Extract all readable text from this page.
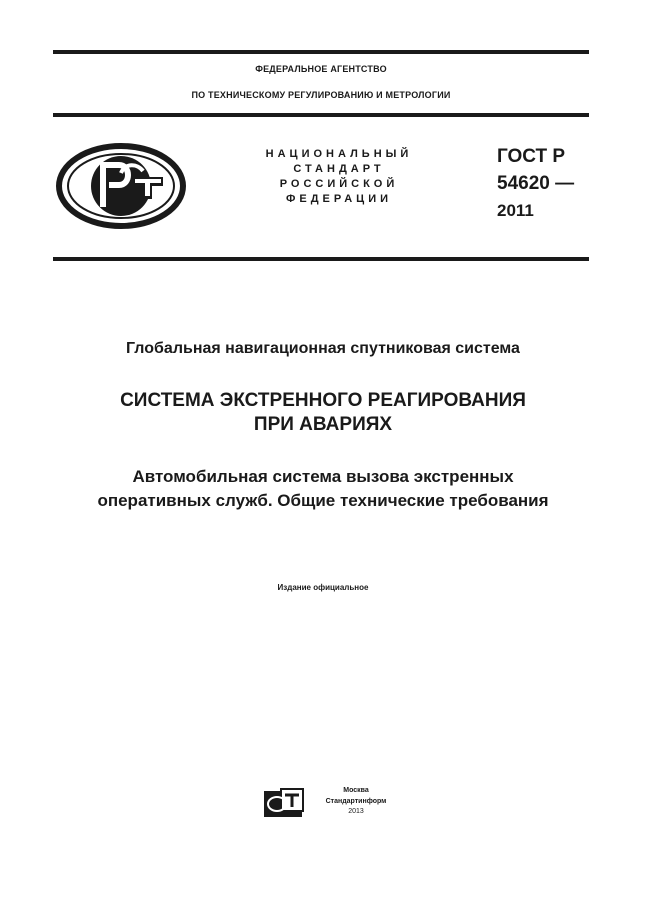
ФЕДЕРАЛЬНОЕ АГЕНТСТВО
ПО ТЕХНИЧЕСКОМУ РЕГУЛИРОВАНИЮ И МЕТРОЛОГИИ
НАЦИОНАЛЬНЫЙ
СТАНДАРТ
РОССИЙСКОЙ
ФЕДЕРАЦИИ
ГОСТ Р
54620 —
2011
Глобальная навигационная спутниковая система
СИСТЕМА ЭКСТРЕННОГО РЕАГИРОВАНИЯ
ПРИ АВАРИЯХ
Автомобильная система вызова экстренных
оперативных служб. Общие технические требования
Издание официальное
Москва
Стандартинформ
2013
